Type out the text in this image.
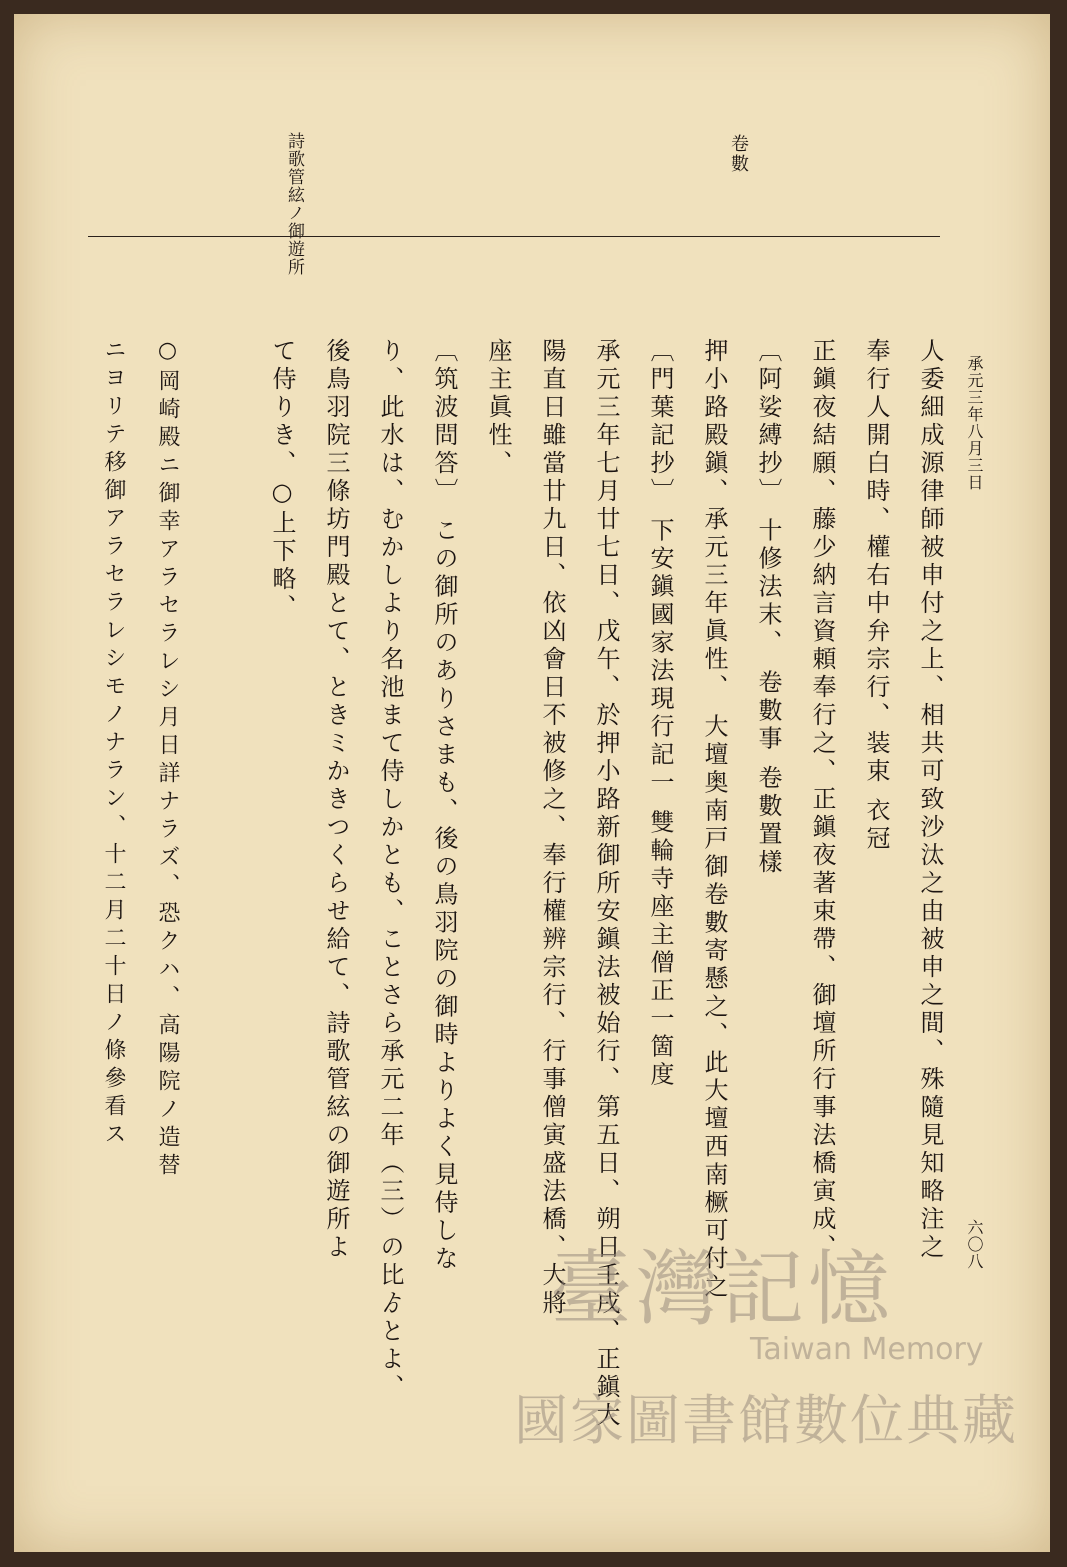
詩歌管絃ノ御遊所	卷數
承元三年八月三日
六〇八
人委細成源律師被申付之上、相共可致沙汰之由被申之間、殊隨見知略注之
奉行人開白時、權右中弁宗行、装束 衣冠
正鎭夜結願、藤少納言資頼奉行之、正鎭夜著束帶、御壇所行事法橋寅成、
〔阿娑縛抄〕 十修法末、 卷數事 卷數置樣
押小路殿鎭、承元三年眞性、 大壇奥南戸御卷數寄懸之、此大壇西南橛可付之
〔門葉記抄〕 下安鎭國家法現行記一 雙輪寺座主僧正一箇度
承元三年七月廿七日、戊午、於押小路新御所安鎭法被始行、第五日、朔日壬戌、正鎭大
陽直日雖當廿九日、依凶會日不被修之、奉行權辨宗行、行事僧寅盛法橋、大將
座主眞性、
〔筑波問答〕 この御所のありさまも、後の鳥羽院の御時よりよく見侍しな
り、此水は、むかしより名池まて侍しかとも、ことさら承元二年（三）の比ゟとよ、
後鳥羽院三條坊門殿とて、ときミかきつくらせ給て、詩歌管絃の御遊所よ
て侍りき、○上下略、
○岡崎殿ニ御幸アラセラレシ月日詳ナラズ、恐クハ、高陽院ノ造替
ニヨリテ移御アラセラレシモノナラン、十二月二十日ノ條參看ス
臺灣記憶
Taiwan Memory
國家圖書館數位典藏
